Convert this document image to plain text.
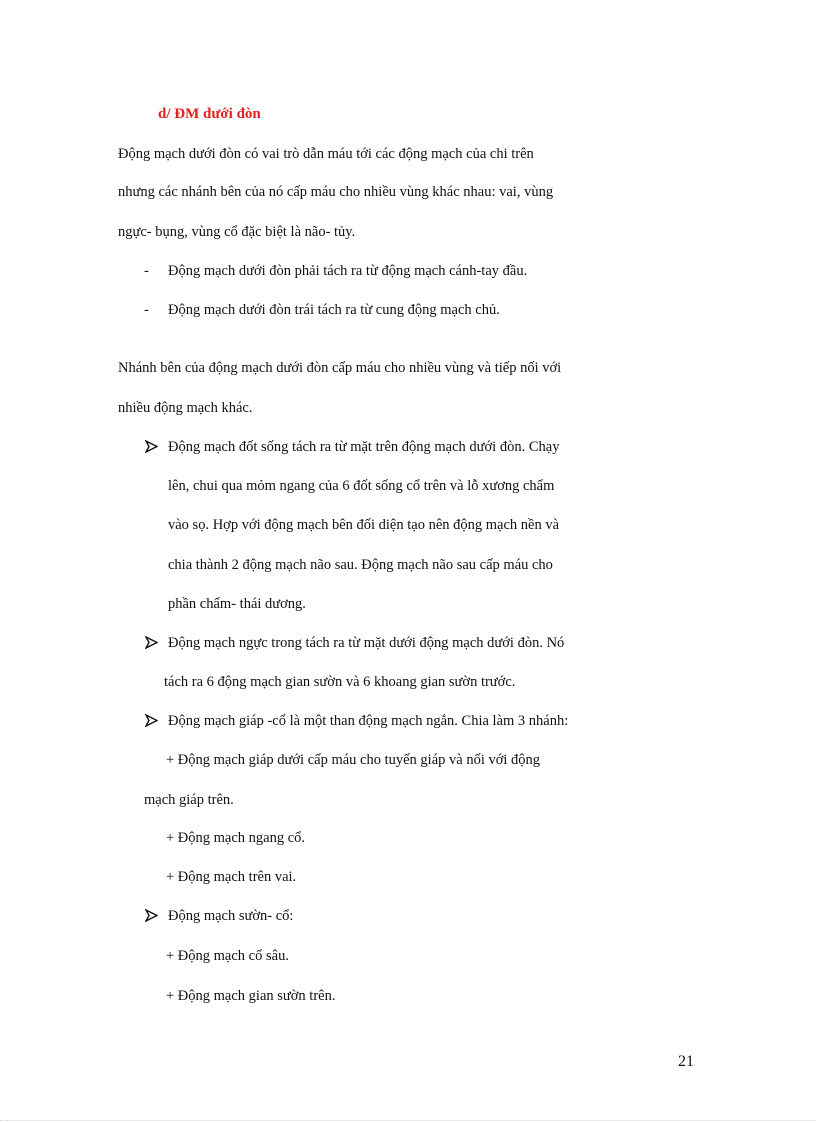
d/ ĐM dưới đòn
Động mạch dưới đòn có vai trò dẫn máu tới các động mạch của chi trên
nhưng các nhánh bên của nó cấp máu cho nhiều vùng khác nhau: vai, vùng
ngực- bụng, vùng cổ đặc biệt là não- tủy.
- Động mạch dưới đòn phải tách ra từ động mạch cánh-tay đầu.
- Động mạch dưới đòn trái tách ra từ cung động mạch chủ.
Nhánh bên của động mạch dưới đòn cấp máu cho nhiều vùng và tiếp nối với
nhiều động mạch khác.
Động mạch đốt sống tách ra từ mặt trên động mạch dưới đòn. Chạy
lên, chui qua mỏm ngang của 6 đốt sống cổ trên và lỗ xương chẩm
vào sọ. Hợp với động mạch bên đối diện tạo nên động mạch nền và
chia thành 2 động mạch não sau. Động mạch não sau cấp máu cho
phần chẩm- thái dương.
Động mạch ngực trong tách ra từ mặt dưới động mạch dưới đòn. Nó
tách ra 6 động mạch gian sườn và 6 khoang gian sườn trước.
Động mạch giáp -cổ là một than động mạch ngắn. Chia làm 3 nhánh:
+ Động mạch giáp dưới cấp máu cho tuyến giáp và nối với động
mạch giáp trên.
+ Động mạch ngang cổ.
+ Động mạch trên vai.
Động mạch sườn- cổ:
+ Động mạch cổ sâu.
+ Động mạch gian sườn trên.
21
